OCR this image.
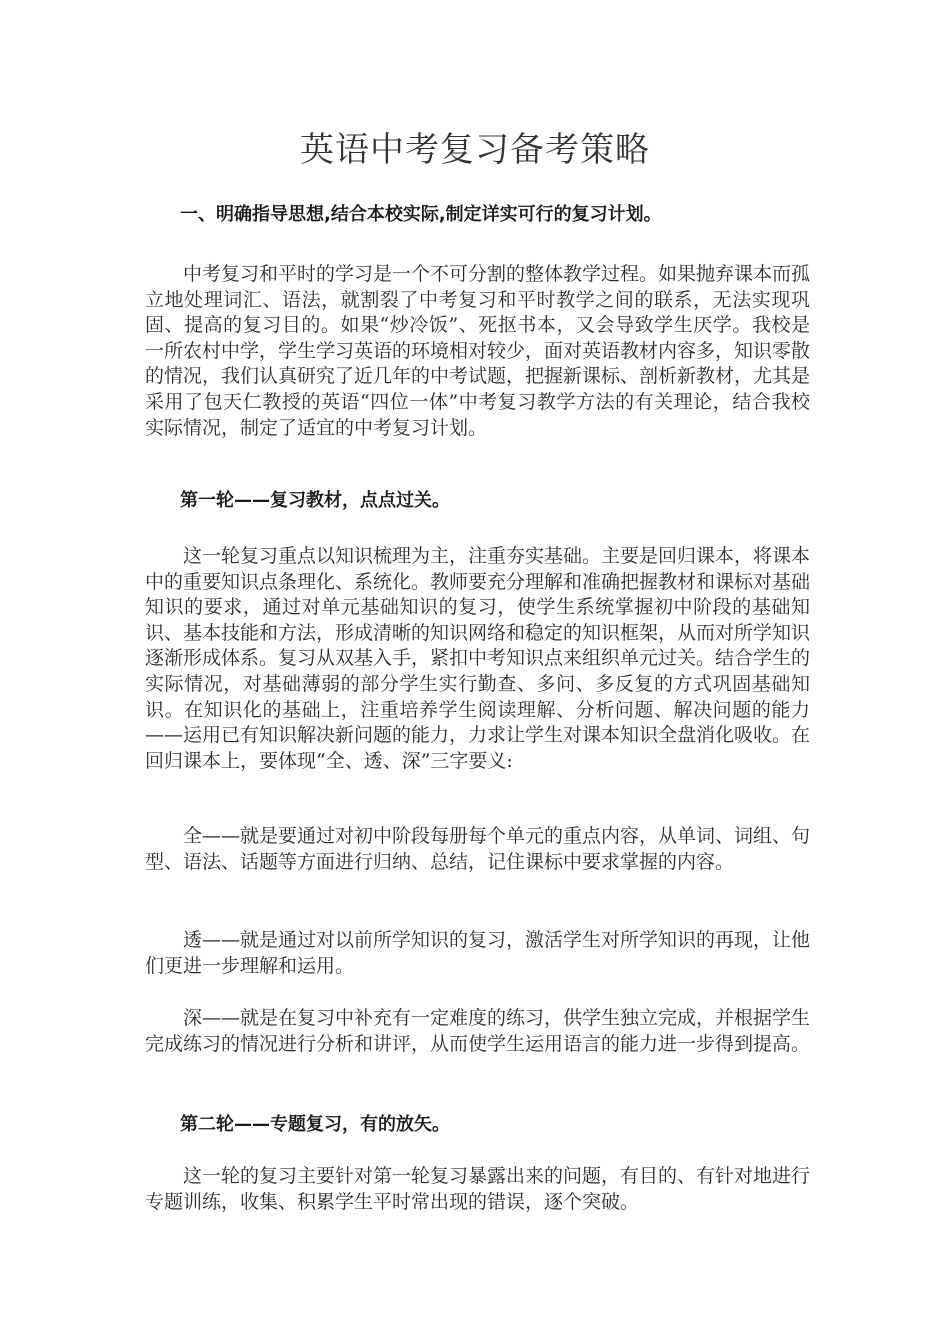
英语中考复习备考策略
一、明确指导思想,结合本校实际,制定详实可行的复习计划。
中考复习和平时的学习是一个不可分割的整体教学过程。如果抛弃课本而孤立地处理词汇、语法，就割裂了中考复习和平时教学之间的联系，无法实现巩固、提高的复习目的。如果“炒冷饭”、死抠书本，又会导致学生厌学。我校是一所农村中学，学生学习英语的环境相对较少，面对英语教材内容多，知识零散的情况，我们认真研究了近几年的中考试题，把握新课标、剖析新教材，尤其是采用了包天仁教授的英语“四位一体”中考复习教学方法的有关理论，结合我校实际情况，制定了适宜的中考复习计划。
第一轮——复习教材，点点过关。
这一轮复习重点以知识梳理为主，注重夯实基础。主要是回归课本，将课本中的重要知识点条理化、系统化。教师要充分理解和准确把握教材和课标对基础知识的要求，通过对单元基础知识的复习，使学生系统掌握初中阶段的基础知识、基本技能和方法，形成清晰的知识网络和稳定的知识框架，从而对所学知识逐渐形成体系。复习从双基入手，紧扣中考知识点来组织单元过关。结合学生的实际情况，对基础薄弱的部分学生实行勤查、多问、多反复的方式巩固基础知识。在知识化的基础上，注重培养学生阅读理解、分析问题、解决问题的能力——运用已有知识解决新问题的能力，力求让学生对课本知识全盘消化吸收。在回归课本上，要体现“全、透、深”三字要义:
全——就是要通过对初中阶段每册每个单元的重点内容，从单词、词组、句型、语法、话题等方面进行归纳、总结，记住课标中要求掌握的内容。
透——就是通过对以前所学知识的复习，激活学生对所学知识的再现，让他们更进一步理解和运用。
深——就是在复习中补充有一定难度的练习，供学生独立完成，并根据学生完成练习的情况进行分析和讲评，从而使学生运用语言的能力进一步得到提高。
第二轮——专题复习，有的放矢。
这一轮的复习主要针对第一轮复习暴露出来的问题，有目的、有针对地进行专题训练，收集、积累学生平时常出现的错误，逐个突破。
